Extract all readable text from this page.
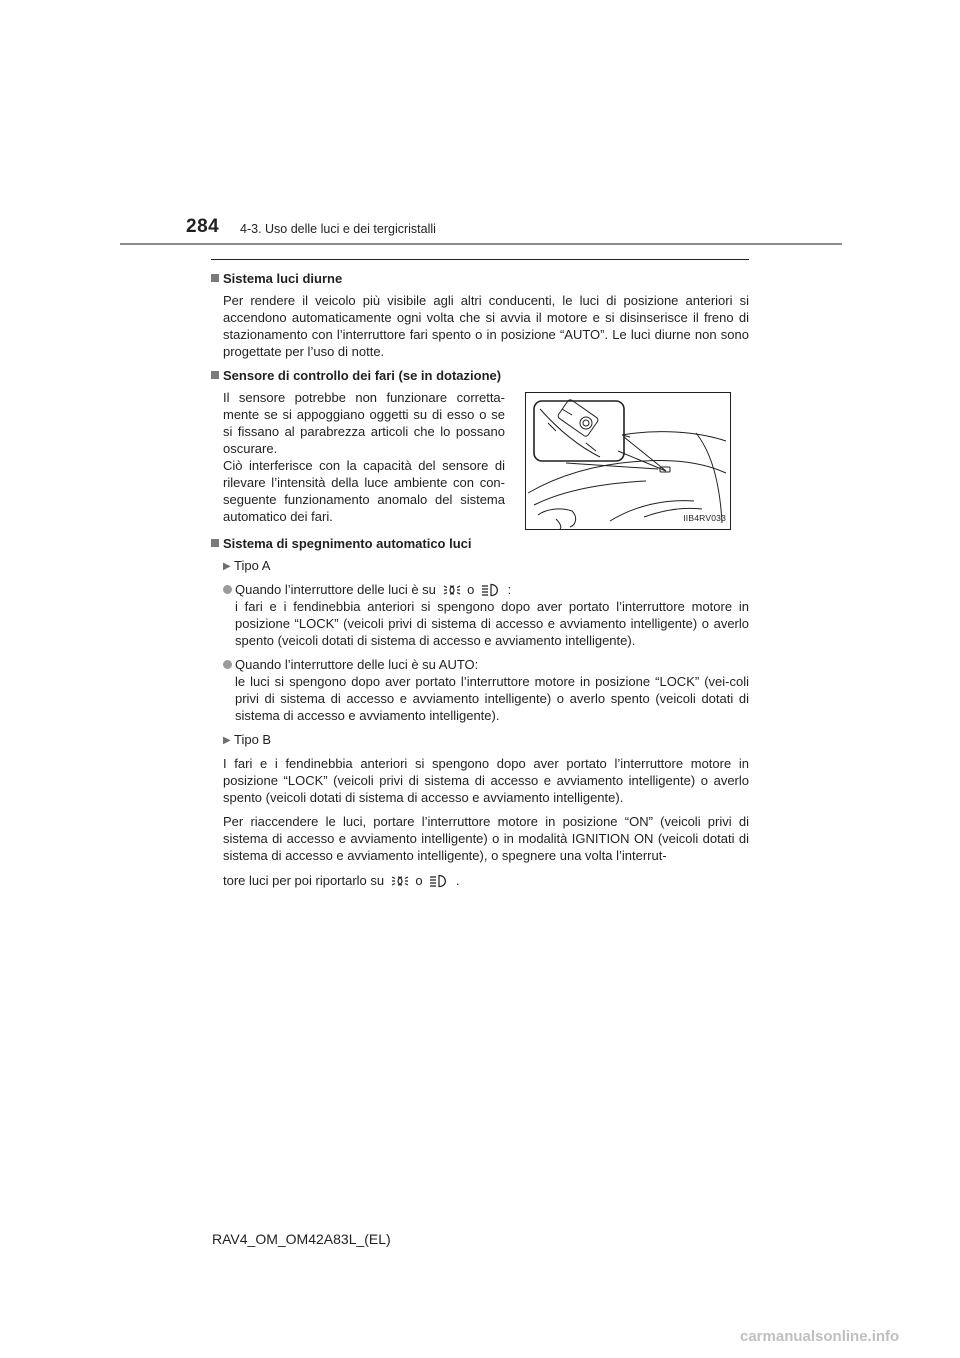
284 4-3. Uso delle luci e dei tergicristalli

Sistema luci diurne

Per rendere il veicolo più visibile agli altri conducenti, le luci di posizione anteriori si accendono automaticamente ogni volta che si avvia il motore e si disinserisce il freno di stazionamento con l’interruttore fari spento o in posizione “AUTO”. Le luci diurne non sono progettate per l’uso di notte.

Sensore di controllo dei fari (se in dotazione)

Il sensore potrebbe non funzionare corretta-mente se si appoggiano oggetti su di esso o se si fissano al parabrezza articoli che lo possano oscurare.
Ciò interferisce con la capacità del sensore di rilevare l’intensità della luce ambiente con con-seguente funzionamento anomalo del sistema automatico dei fari.	IIB4RV033

Sistema di spegnimento automatico luci

▶ Tipo A
Quando l’interruttore delle luci è su o	:
i fari e i fendinebbia anteriori si spengono dopo aver portato l’interruttore motore in posizione “LOCK” (veicoli privi di sistema di accesso e avviamento intelligente) o averlo spento (veicoli dotati di sistema di accesso e avviamento intelligente).
Quando l’interruttore delle luci è su AUTO:
le luci si spengono dopo aver portato l’interruttore motore in posizione “LOCK” (vei-coli privi di sistema di accesso e avviamento intelligente) o averlo spento (veicoli dotati di sistema di accesso e avviamento intelligente).
▶ Tipo B

I fari e i fendinebbia anteriori si spengono dopo aver portato l’interruttore motore in posizione “LOCK” (veicoli privi di sistema di accesso e avviamento intelligente) o averlo spento (veicoli dotati di sistema di accesso e avviamento intelligente).

Per riaccendere le luci, portare l’interruttore motore in posizione “ON” (veicoli privi di sistema di accesso e avviamento intelligente) o in modalità IGNITION ON (veicoli dotati di sistema di accesso e avviamento intelligente), o spegnere una volta l’interrut-

tore luci per poi riportarlo su o	.

RAV4_OM_OM42A83L_(EL)
carmanualsonline.info
